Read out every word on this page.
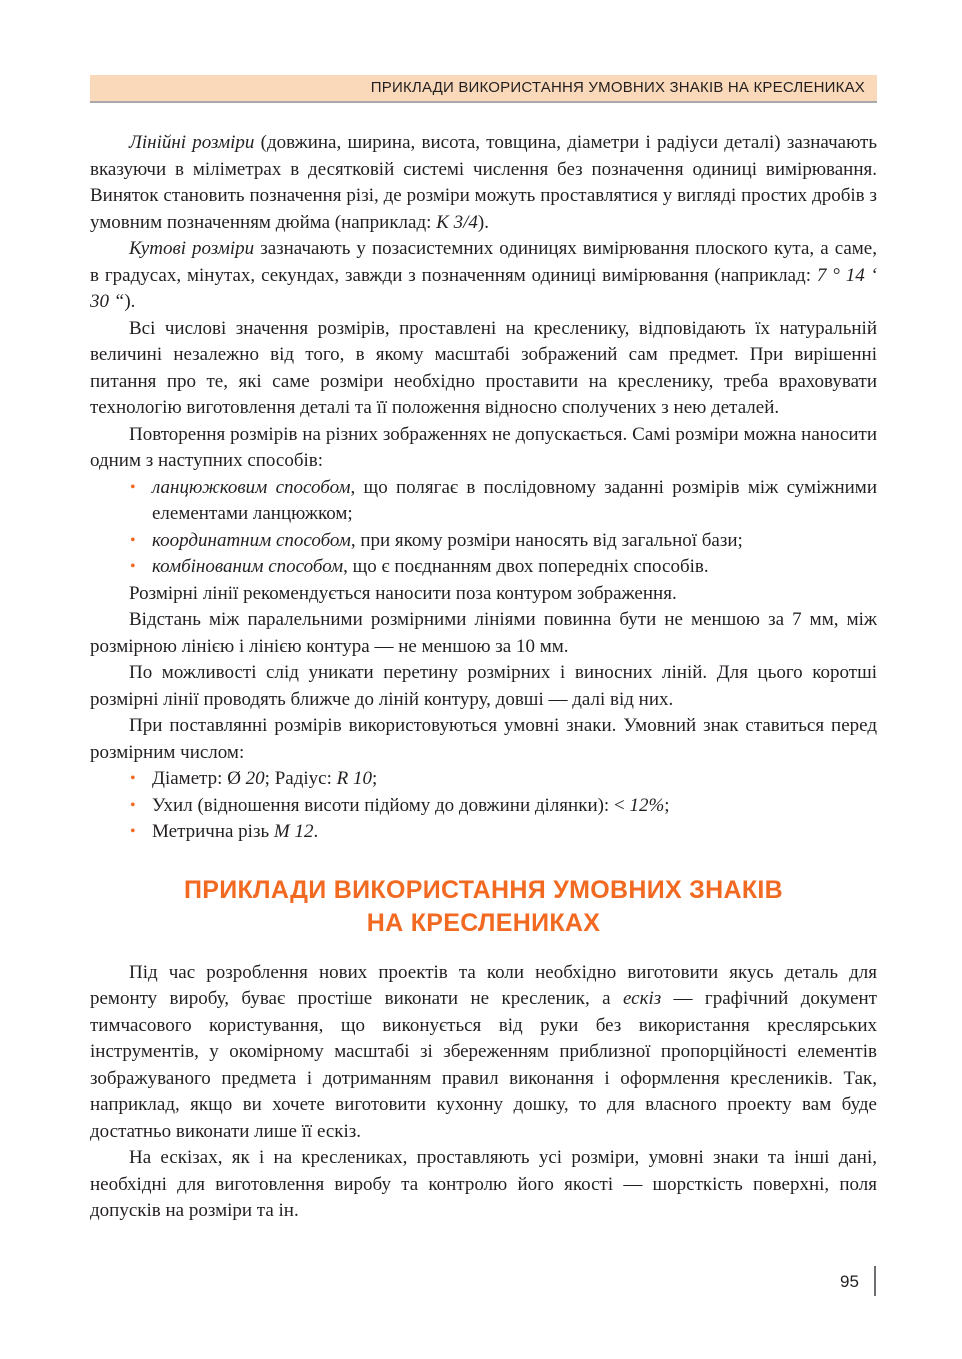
ПРИКЛАДИ ВИКОРИСТАННЯ УМОВНИХ ЗНАКІВ НА КРЕСЛЕНИКАХ

Лінійні розміри (довжина, ширина, висота, товщина, діаметри і радіуси деталі) зазначають вказуючи в міліметрах в десятковій системі числення без позначення одиниці вимірювання. Виняток становить позначення різі, де розміри можуть проставлятися у вигляді простих дробів з умовним позначенням дюйма (наприклад: K 3/4).

Кутові розміри зазначають у позасистемних одиницях вимірювання плоского кута, а саме, в градусах, мінутах, секундах, завжди з позначенням одиниці вимірювання (наприклад: 7 ° 14 ‘ 30 “).

Всі числові значення розмірів, проставлені на кресленику, відповідають їх натуральній величині незалежно від того, в якому масштабі зображений сам предмет. При вирішенні питання про те, які саме розміри необхідно проставити на кресленику, треба враховувати технологію виготовлення деталі та її положення відносно сполучених з нею деталей.

Повторення розмірів на різних зображеннях не допускається. Самі розміри можна наносити одним з наступних способів:

• ланцюжковим способом, що полягає в послідовному заданні розмірів між суміжними елементами ланцюжком;
• координатним способом, при якому розміри наносять від загальної бази;
• комбінованим способом, що є поєднанням двох попередніх способів.

Розмірні лінії рекомендується наносити поза контуром зображення.

Відстань між паралельними розмірними лініями повинна бути не меншою за 7 мм, між розмірною лінією і лінією контура — не меншою за 10 мм.

По можливості слід уникати перетину розмірних і виносних ліній. Для цього коротші розмірні лінії проводять ближче до ліній контуру, довші — далі від них.

При поставлянні розмірів використовуються умовні знаки. Умовний знак ставиться перед розмірним числом:

• Діаметр: Ø 20; Радіус: R 10;
• Ухил (відношення висоти підйому до довжини ділянки): < 12%;
• Метрична різь M 12.
ПРИКЛАДИ ВИКОРИСТАННЯ УМОВНИХ ЗНАКІВ
НА КРЕСЛЕНИКАХ

Під час розроблення нових проектів та коли необхідно виготовити якусь деталь для ремонту виробу, буває простіше виконати не кресленик, а ескіз — графічний документ тимчасового користування, що виконується від руки без використання креслярських інструментів, у окомірному масштабі зі збереженням приблизної пропорційності елементів зображуваного предмета і дотриманням правил виконання і оформлення креслеників. Так, наприклад, якщо ви хочете виготовити кухонну дошку, то для власного проекту вам буде достатньо виконати лише її ескіз.

На ескізах, як і на креслениках, проставляють усі розміри, умовні знаки та інші дані, необхідні для виготовлення виробу та контролю його якості — шорсткість поверхні, поля допусків на розміри та ін.

95
